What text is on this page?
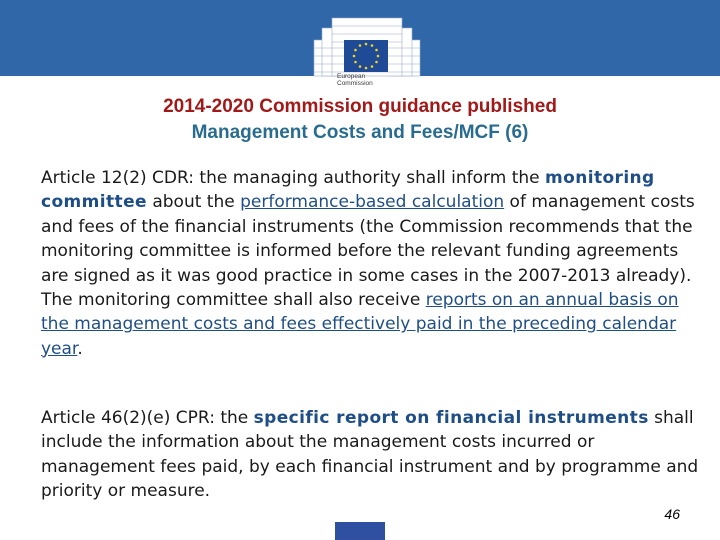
European
Commission
2014-2020 Commission guidance published
Management Costs and Fees/MCF (6)
Article 12(2) CDR: the managing authority shall inform the monitoring committee about the performance-based calculation of management costs and fees of the financial instruments (the Commission recommends that the monitoring committee is informed before the relevant funding agreements are signed as it was good practice in some cases in the 2007-2013 already). The monitoring committee shall also receive reports on an annual basis on the management costs and fees effectively paid in the preceding calendar year.
Article 46(2)(e) CPR: the specific report on financial instruments shall include the information about the management costs incurred or management fees paid, by each financial instrument and by programme and priority or measure.
46
